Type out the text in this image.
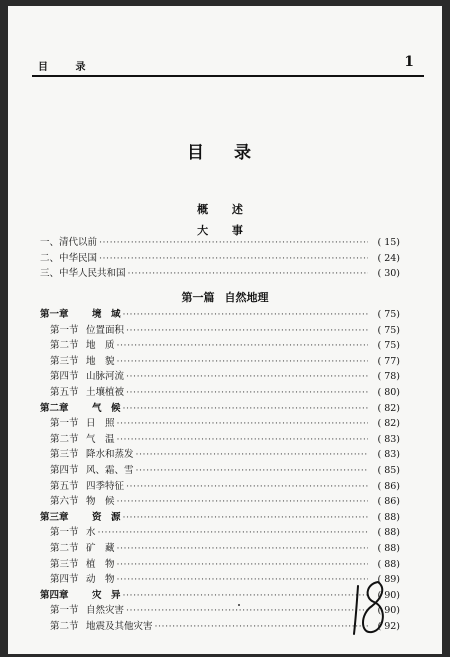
目 录	1
目 录
概 述
大 事
一、清代以前 ·····	( 15)
二、中华民国 ·····	( 24)
三、中华人民共和国 ·····	( 30)
第一篇 自然地理
第一章 境　域 ·····	( 75)
第一节 位置面积 ·····	( 75)
第二节 地　质 ·····	( 75)
第三节 地　貌 ·····	( 77)
第四节 山脉河流 ·····	( 78)
第五节 土壤植被 ·····	( 80)
第二章 气　候 ·····	( 82)
第一节 日　照 ·····	( 82)
第二节 气　温 ·····	( 83)
第三节 降水和蒸发 ·····	( 83)
第四节 风、霜、雪 ·····	( 85)
第五节 四季特征 ·····	( 86)
第六节 物　候 ·····	( 86)
第三章 资　源 ·····	( 88)
第一节 水 ·····	( 88)
第二节 矿　藏 ·····	( 88)
第三节 植　物 ·····	( 88)
第四节 动　物 ·····	( 89)
第四章 灾　异 ·····	( 90)
第一节 自然灾害 ·····	( 90)
第二节 地震及其他灾害 ·····	( 92)
